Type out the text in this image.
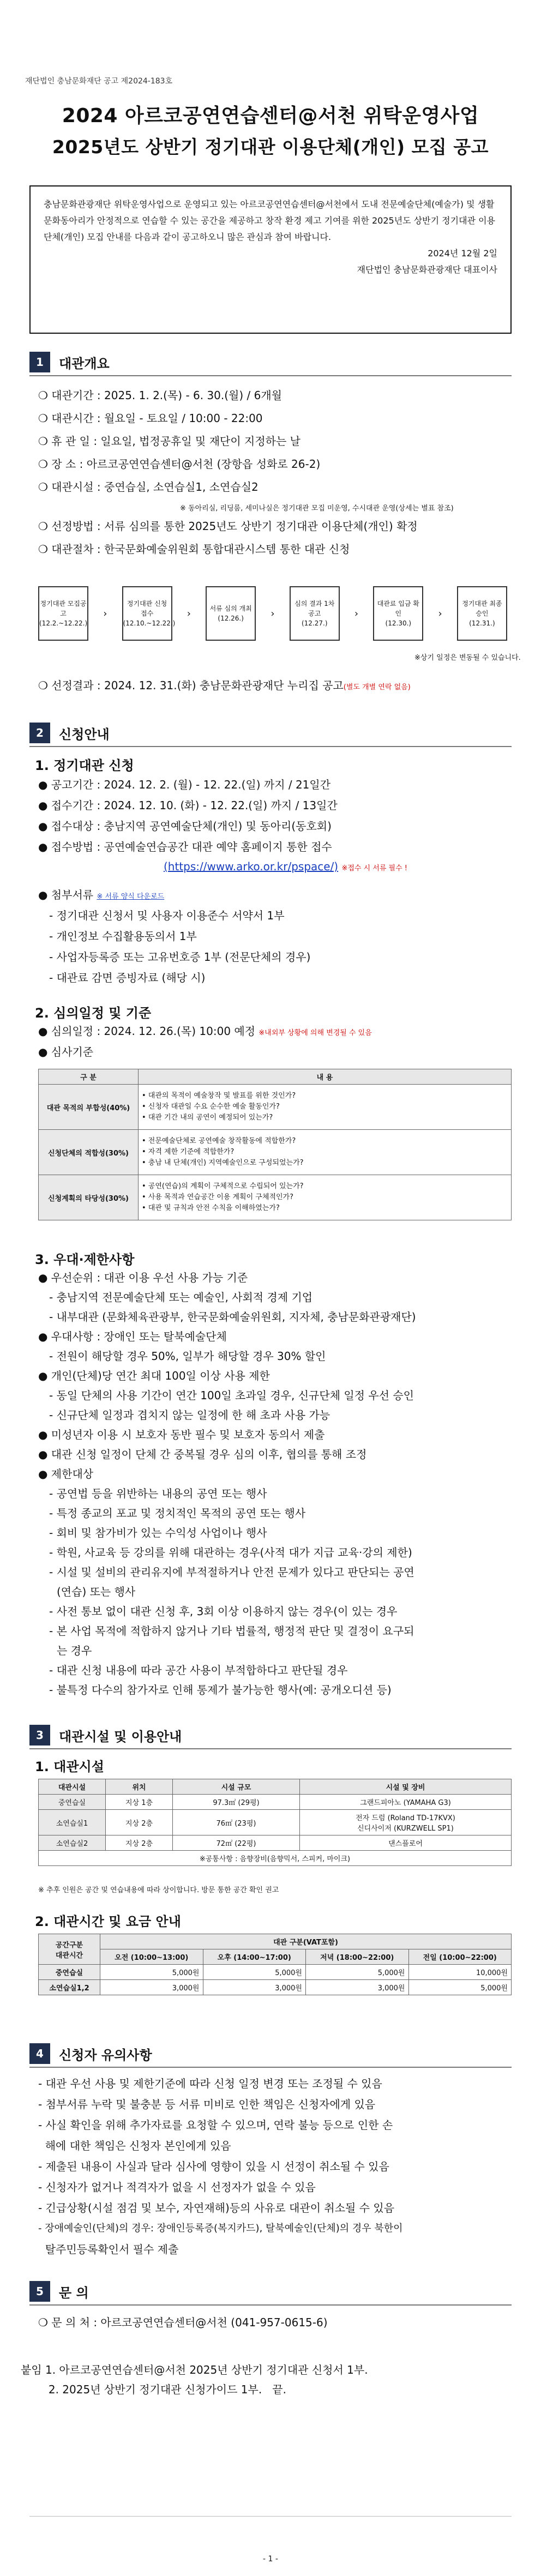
재단법인 충남문화재단 공고 제2024-183호
2024 아르코공연연습센터@서천 위탁운영사업
2025년도 상반기 정기대관 이용단체(개인) 모집 공고
충남문화관광재단 위탁운영사업으로 운영되고 있는 아르코공연연습센터@서천에서 도내 전문예술단체(예술가) 및 생활문화동아리가 안정적으로 연습할 수 있는 공간을 제공하고 창작 환경 제고 기여를 위한 2025년도 상반기 정기대관 이용단체(개인) 모집 안내를 다음과 같이 공고하오니 많은 관심과 참여 바랍니다.
2024년 12월 2일
재단법인 충남문화관광재단 대표이사
1	대관개요
❍ 대관기간 : 2025. 1. 2.(목) - 6. 30.(월) / 6개월
❍ 대관시간 : 월요일 - 토요일 / 10:00 - 22:00
❍ 휴 관 일 : 일요일, 법정공휴일 및 재단이 지정하는 날
❍ 장 소 : 아르코공연연습센터@서천 (장항읍 성화로 26-2)
❍ 대관시설 : 중연습실, 소연습실1, 소연습실2
※ 동아리실, 리딩룸, 세미나실은 정기대관 모집 미운영, 수시대관 운영(상세는 별표 참조)
❍ 선정방법 : 서류 심의를 통한 2025년도 상반기 정기대관 이용단체(개인) 확정
❍ 대관절차 : 한국문화예술위원회 통합대관시스템 통한 대관 신청
정기대관 모집공고
(12.2.~12.22.)
›
정기대관 신청 접수
(12.10.~12.22.)
›	서류 심의 개최
(12.26.)	›
심의 결과 1차 공고
(12.27.)
›
대관료 입금 확인
(12.30.)
›
정기대관 최종 승인
(12.31.)
※상기 일정은 변동될 수 있습니다.
❍ 선정결과 : 2024. 12. 31.(화) 충남문화관광재단 누리집 공고(별도 개별 연락 없음)
2	신청안내
1. 정기대관 신청
● 공고기간 : 2024. 12. 2. (월) - 12. 22.(일) 까지 / 21일간
● 접수기간 : 2024. 12. 10. (화) - 12. 22.(일) 까지 / 13일간
● 접수대상 : 충남지역 공연예술단체(개인) 및 동아리(동호회)
● 접수방법 : 공연예술연습공간 대관 예약 홈페이지 통한 접수
(https://www.arko.or.kr/pspace/) ※접수 시 서류 필수 !
● 첨부서류 ※ 서류 양식 다운로드
- 정기대관 신청서 및 사용자 이용준수 서약서 1부
- 개인정보 수집활용동의서 1부
- 사업자등록증 또는 고유번호증 1부 (전문단체의 경우)
- 대관료 감면 증빙자료 (해당 시)
2. 심의일정 및 기준
● 심의일정 : 2024. 12. 26.(목) 10:00 예정 ※내외부 상황에 의해 변경될 수 있음
● 심사기준
구 분	내 용
대관 목적의 부합성(40%)	• 대관의 목적이 예술창작 및 발표를 위한 것인가?
• 신청자 대관일 수요 순수한 예술 활동인가?
• 대관 기간 내의 공연이 예정되어 있는가?
신청단체의 적합성(30%)	• 전문예술단체로 공연예술 창작활동에 적합한가?
• 자격 제한 기준에 적합한가?
• 충남 내 단체(개인) 지역예술인으로 구성되었는가?
신청계획의 타당성(30%)	• 공연(연습)의 계획이 구체적으로 수립되어 있는가?
• 사용 목적과 연습공간 이용 계획이 구체적인가?
• 대관 및 규칙과 안전 수칙을 이해하였는가?
3. 우대·제한사항
● 우선순위 : 대관 이용 우선 사용 가능 기준
- 충남지역 전문예술단체 또는 예술인, 사회적 경제 기업
- 내부대관 (문화체육관광부, 한국문화예술위원회, 지자체, 충남문화관광재단)
● 우대사항 : 장애인 또는 탈북예술단체
- 전원이 해당할 경우 50%, 일부가 해당할 경우 30% 할인
● 개인(단체)당 연간 최대 100일 이상 사용 제한
- 동일 단체의 사용 기간이 연간 100일 초과일 경우, 신규단체 일정 우선 승인
- 신규단체 일정과 겹치지 않는 일정에 한 해 초과 사용 가능
● 미성년자 이용 시 보호자 동반 필수 및 보호자 동의서 제출
● 대관 신청 일정이 단체 간 중복될 경우 심의 이후, 협의를 통해 조정
● 제한대상
- 공연법 등을 위반하는 내용의 공연 또는 행사
- 특정 종교의 포교 및 정치적인 목적의 공연 또는 행사
- 회비 및 참가비가 있는 수익성 사업이나 행사
- 학원, 사교육 등 강의를 위해 대관하는 경우(사적 대가 지급 교육·강의 제한)
- 시설 및 설비의 관리유지에 부적절하거나 안전 문제가 있다고 판단되는 공연
(연습) 또는 행사
- 사전 통보 없이 대관 신청 후, 3회 이상 이용하지 않는 경우(이 있는 경우
- 본 사업 목적에 적합하지 않거나 기타 법률적, 행정적 판단 및 결정이 요구되
는 경우
- 대관 신청 내용에 따라 공간 사용이 부적합하다고 판단될 경우
- 불특정 다수의 참가자로 인해 통제가 불가능한 행사(예: 공개오디션 등)
3	대관시설 및 이용안내
1. 대관시설
대관시설	위치	시설 규모	시설 및 장비
중연습실	지상 1층	97.3㎡ (29평)	그랜드피아노 (YAMAHA G3)
소연습실1	지상 2층	76㎡ (23평)	전자 드럼 (Roland TD-17KVX)
신디사이저 (KURZWELL SP1)
소연습실2	지상 2층	72㎡ (22평)	댄스플로어
※공통사항 : 음향장비(음향믹서, 스피커, 마이크)			
※ 추후 인원은 공간 및 연습내용에 따라 상이합니다. 방문 통한 공간 확인 권고
2. 대관시간 및 요금 안내
공간구분
대관시간	대관 구분(VAT포함)			
	오전 (10:00~13:00)	오후 (14:00~17:00)	저녁 (18:00~22:00)	전일 (10:00~22:00)
중연습실	5,000원	5,000원	5,000원	10,000원
소연습실1,2	3,000원	3,000원	3,000원	5,000원
4	신청자 유의사항
- 대관 우선 사용 및 제한기준에 따라 신청 일정 변경 또는 조정될 수 있음
- 첨부서류 누락 및 불충분 등 서류 미비로 인한 책임은 신청자에게 있음
- 사실 확인을 위해 추가자료를 요청할 수 있으며, 연락 불능 등으로 인한 손
해에 대한 책임은 신청자 본인에게 있음
- 제출된 내용이 사실과 달라 심사에 영향이 있을 시 선정이 취소될 수 있음
- 신청자가 없거나 적격자가 없을 시 선정자가 없을 수 있음
- 긴급상황(시설 점검 및 보수, 자연재해)등의 사유로 대관이 취소될 수 있음
- 장애예술인(단체)의 경우: 장애인등록증(복지카드), 탈북예술인(단체)의 경우 북한이
탈주민등록확인서 필수 제출
5	문 의
❍ 문 의 처 : 아르코공연연습센터@서천 (041-957-0615-6)
붙임 1. 아르코공연연습센터@서천 2025년 상반기 정기대관 신청서 1부.
2. 2025년 상반기 정기대관 신청가이드 1부.   끝.
- 1 -
